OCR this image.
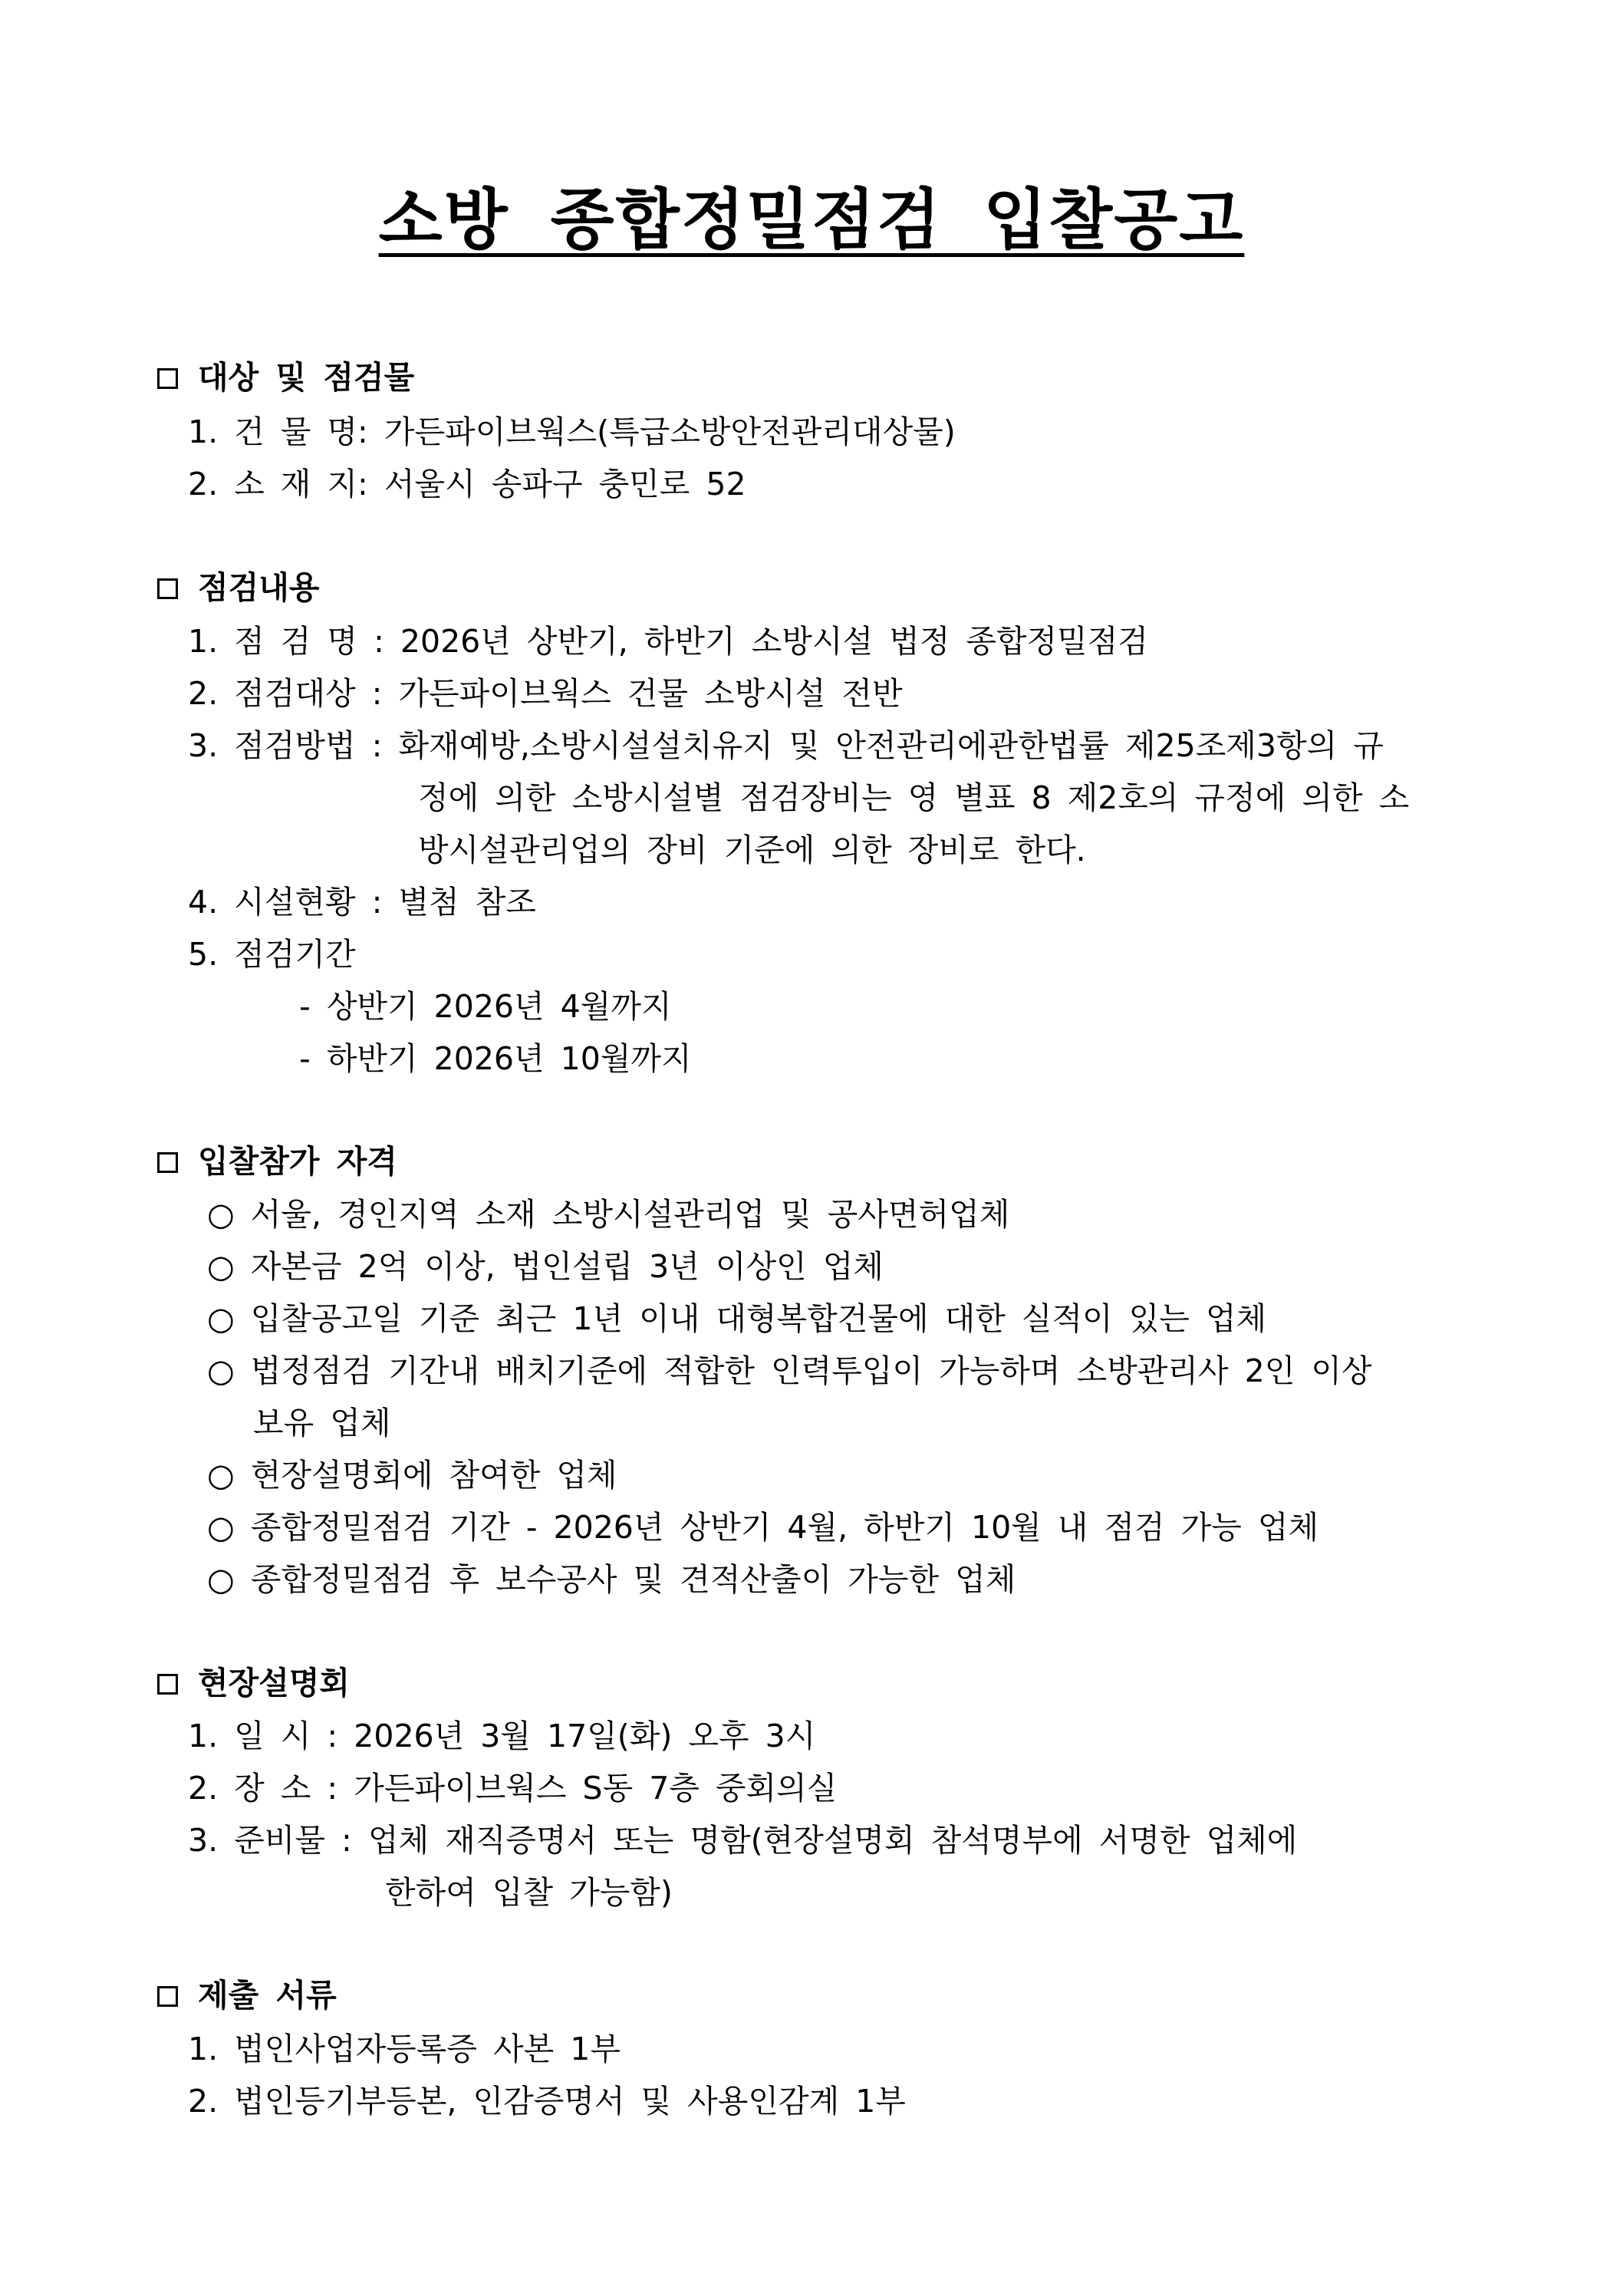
소방 종합정밀점검 입찰공고
대상 및 점검물
1. 건 물 명: 가든파이브웍스(특급소방안전관리대상물)
2. 소 재 지: 서울시 송파구 충민로 52
점검내용
1. 점 검 명 : 2026년 상반기, 하반기 소방시설 법정 종합정밀점검
2. 점검대상 : 가든파이브웍스 건물 소방시설 전반
3. 점검방법 : 화재예방,소방시설설치유지 및 안전관리에관한법률 제25조제3항의 규
정에 의한 소방시설별 점검장비는 영 별표 8 제2호의 규정에 의한 소
방시설관리업의 장비 기준에 의한 장비로 한다.
4. 시설현황 : 별첨 참조
5. 점검기간
- 상반기 2026년 4월까지
- 하반기 2026년 10월까지
입찰참가 자격
○ 서울, 경인지역 소재 소방시설관리업 및 공사면허업체
○ 자본금 2억 이상, 법인설립 3년 이상인 업체
○ 입찰공고일 기준 최근 1년 이내 대형복합건물에 대한 실적이 있는 업체
○ 법정점검 기간내 배치기준에 적합한 인력투입이 가능하며 소방관리사 2인 이상
보유 업체
○ 현장설명회에 참여한 업체
○ 종합정밀점검 기간 - 2026년 상반기 4월, 하반기 10월 내 점검 가능 업체
○ 종합정밀점검 후 보수공사 및 견적산출이 가능한 업체
현장설명회
1. 일 시 : 2026년 3월 17일(화) 오후 3시
2. 장 소 : 가든파이브웍스 S동 7층 중회의실
3. 준비물 : 업체 재직증명서 또는 명함(현장설명회 참석명부에 서명한 업체에
한하여 입찰 가능함)
제출 서류
1. 법인사업자등록증 사본 1부
2. 법인등기부등본, 인감증명서 및 사용인감계 1부
